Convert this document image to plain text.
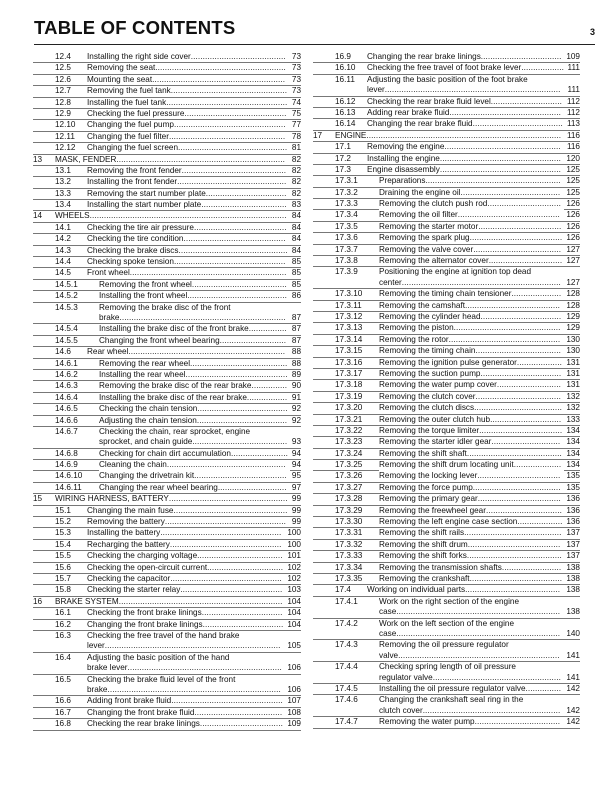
TABLE OF CONTENTS	3
12.4 Installing the right side cover........................................ 73
12.5 Removing the seat....................................................... 73
12.6 Mounting the seat........................................................ 73
12.7 Removing the fuel tank................................................. 73
12.8 Installing the fuel tank................................................... 74
12.9 Checking the fuel pressure........................................... 75
12.10 Changing the fuel pump............................................... 77
12.11 Changing the fuel filter................................................. 78
12.12 Changing the fuel screen.............................................. 81
13 MASK, FENDER....................................................................... 82
13.1 Removing the front fender............................................ 82
13.2 Installing the front fender.............................................. 82
13.3 Removing the start number plate.................................. 82
13.4 Installing the start number plate.................................... 83
14 WHEELS................................................................................... 84
14.1 Checking the tire air pressure....................................... 84
14.2 Checking the tire condition........................................... 84
14.3 Checking the brake discs.............................................. 84
14.4 Checking spoke tension............................................... 85
14.5 Front wheel.................................................................. 85
14.5.1	Removing the front wheel........................................ 85
14.5.2	Installing the front wheel.......................................... 86
14.5.3	Removing the brake disc of the front
brake...................................................................... 87
14.5.4	Installing the brake disc of the front brake................ 87
14.5.5	Changing the front wheel bearing............................ 87
14.6 Rear wheel.................................................................. 88
14.6.1	Removing the rear wheel......................................... 88
14.6.2	Installing the rear wheel........................................... 89
14.6.3	Removing the brake disc of the rear brake............... 90
14.6.4	Installing the brake disc of the rear brake................. 91
14.6.5	Checking the chain tension...................................... 92
14.6.6	Adjusting the chain tension...................................... 92
14.6.7	Checking the chain, rear sprocket, engine
sprocket, and chain guide........................................ 93
14.6.8	Checking for chain dirt accumulation........................ 94
14.6.9	Cleaning the chain.................................................. 94
14.6.10 Changing the drivetrain kit....................................... 95
14.6.11 Changing the rear wheel bearing............................. 97
15 WIRING HARNESS, BATTERY.................................................. 99
15.1 Changing the main fuse................................................ 99
15.2 Removing the battery................................................... 99
15.3 Installing the battery................................................... 100
15.4 Recharging the battery............................................... 100
15.5 Checking the charging voltage.................................... 101
15.6 Checking the open-circuit current................................ 102
15.7 Checking the capacitor............................................... 102
15.8 Checking the starter relay........................................... 103
16 BRAKE SYSTEM..................................................................... 104
16.1 Checking the front brake linings.................................. 104
16.2 Changing the front brake linings.................................. 104
16.3 Checking the free travel of the hand brake
lever.......................................................................... 105
16.4 Adjusting the basic position of the hand
brake lever................................................................. 106
16.5 Checking the brake fluid level of the front
brake......................................................................... 106
16.6 Adding front brake fluid............................................... 107
16.7 Changing the front brake fluid..................................... 108
16.8 Checking the rear brake linings................................... 109
16.9 Changing the rear brake linings.................................. 109
16.10 Checking the free travel of foot brake lever.................. 111
16.11 Adjusting the basic position of the foot brake
lever.......................................................................... 111
16.12 Checking the rear brake fluid level.............................. 112
16.13 Adding rear brake fluid............................................... 112
16.14 Changing the rear brake fluid...................................... 113
17 ENGINE.................................................................................. 116
17.1 Removing the engine................................................. 116
17.2 Installing the engine................................................... 120
17.3 Engine disassembly................................................... 125
17.3.1	Preparations......................................................... 125
17.3.2	Draining the engine oil.......................................... 125
17.3.3	Removing the clutch push rod............................... 126
17.3.4	Removing the oil filter........................................... 126
17.3.5	Removing the starter motor................................... 126
17.3.6	Removing the spark plug....................................... 126
17.3.7	Removing the valve cover..................................... 127
17.3.8	Removing the alternator cover............................... 127
17.3.9	Positioning the engine at ignition top dead
center................................................................... 127
17.3.10 Removing the timing chain tensioner..................... 128
17.3.11 Removing the camshaft........................................ 128
17.3.12 Removing the cylinder head.................................. 129
17.3.13 Removing the piston............................................. 129
17.3.14 Removing the rotor............................................... 130
17.3.15 Removing the timing chain.................................... 130
17.3.16 Removing the ignition pulse generator................... 131
17.3.17 Removing the suction pump.................................. 131
17.3.18 Removing the water pump cover........................... 131
17.3.19 Removing the clutch cover.................................... 132
17.3.20 Removing the clutch discs..................................... 132
17.3.21 Removing the outer clutch hub.............................. 133
17.3.22 Removing the torque limiter................................... 134
17.3.23 Removing the starter idler gear............................. 134
17.3.24 Removing the shift shaft........................................ 134
17.3.25 Removing the shift drum locating unit.................... 134
17.3.26 Removing the locking lever................................... 135
17.3.27 Removing the force pump..................................... 135
17.3.28 Removing the primary gear................................... 136
17.3.29 Removing the freewheel gear................................ 136
17.3.30 Removing the left engine case section................... 136
17.3.31 Removing the shift rails......................................... 137
17.3.32 Removing the shift drum....................................... 137
17.3.33 Removing the shift forks........................................ 137
17.3.34 Removing the transmission shafts......................... 138
17.3.35 Removing the crankshaft....................................... 138
17.4 Working on individual parts........................................ 138
17.4.1	Work on the right section of the engine
case..................................................................... 138
17.4.2	Work on the left section of the engine
case..................................................................... 140
17.4.3	Removing the oil pressure regulator
valve.................................................................... 141
17.4.4	Checking spring length of oil pressure
regulator valve...................................................... 141
17.4.5	Installing the oil pressure regulator valve............... 142
17.4.6	Changing the crankshaft seal ring in the
clutch cover.......................................................... 142
17.4.7	Removing the water pump.................................... 142
